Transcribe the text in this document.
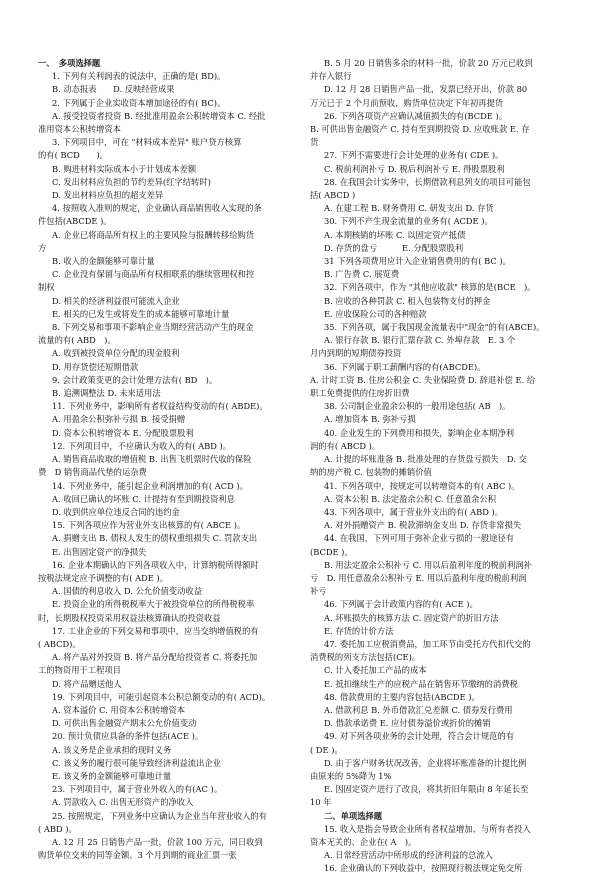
一、　多项选择题
1. 下列有关利润表的说法中，正确的是( BD)。
B. 动态报表　　D. 反映经营成果
2. 下列属于企业实收资本增加途径的有( BC)。
A. 接受投资者投资 B. 经批准用盈余公积转增资本 C. 经批
准用资本公积转增资本
3. 下列项目中，可在 "材料成本差异" 账户贷方核算
的有( BCD　　)。
B. 购进材料实际成本小于计划成本差额
C. 发出材料应负担的节约差异(红字结转时)
D. 发出材料应负担的超支差异
4. 按照收入准则的规定，企业确认商品销售收入实现的条
件包括(ABCDE )。
A. 企业已将商品所有权上的主要风险与报酬转移给购货
方
B. 收入的金额能够可靠计量
C. 企业没有保留与商品所有权相联系的继续管理权和控
制权
D. 相关的经济利益很可能流入企业
E. 相关的已发生或将发生的成本能够可靠地计量
8. 下列交易和事项不影响企业当期经营活动产生的现金
流量的有( ABD　)。
A. 收到被投资单位分配的现金股利
D. 用存货偿还短期借款
9. 会计政策变更的会计处理方法有( BD　)。
B. 追溯调整法 D. 未来适用法
11. 下列业务中，影响所有者权益结构变动的有( ABDE)。
A. 用盈余公积弥补亏损 B. 接受捐赠
D. 资本公积转增资本 E. 分配股票股利
12. 下列项目中，不应确认为收入的有( ABD )。
A. 销售商品收取的增值税 B. 出售飞机票时代收的保险
费　D 销售商品代垫的运杂费
14. 下列业务中，能引起企业利润增加的有( ACD )。
A. 收回已确认的坏账 C. 计提持有至到期投资利息
D. 收到供应单位违反合同的违约金
15. 下列各项应作为营业外支出核算的有( ABCE )。
A. 捐赠支出 B. 债权人发生的债权重组损失 C. 罚款支出
E. 出售固定资产的净损失
16. 企业本期确认的下列各项收入中，计算纳税所得额时
按税法规定应予调整的有( ADE )。
A. 国债的利息收入 D. 公允价值变动收益
E. 投资企业的所得税税率大于被投资单位的所得税税率
时，长期股权投资采用权益法核算确认的投资收益
17. 工业企业的下列交易和事项中，应当交纳增值税的有
( ABCD)。
A. 将产品对外投资 B. 将产品分配给投资者 C. 将委托加
工的物资用于工程项目
D. 将产品赠送他人
19. 下列项目中，可能引起资本公积总额变动的有( ACD)。
A. 资本溢价 C. 用资本公积转增资本
D. 可供出售金融资产期末公允价值变动
20. 预计负债应具备的条件包括(ACE )。
A. 该义务是企业承担的现时义务
C. 该义务的履行很可能导致经济利益流出企业
E. 该义务的金额能够可靠地计量
23. 下列项目中，属于营业外收入的有(AC )。
A. 罚款收入 C. 出售无形资产的净收入
25. 按照规定，下列业务中应确认为企业当年营业收入的有
( ABD )。
A. 12 月 25 日销售产品一批，价款 100 万元，同日收到
购货单位交来的同等金额、3 个月到期的商业汇票一张
B. 5 月 20 日销售多余的材料一批，价款 20 万元已收到
并存入银行
D. 12 月 28 日销售产品一批，发票已经开出，价款 80
万元已于 2 个月前预收，购货单位决定下年初再提货
26. 下列各项资产应确认减值损失的有(BCDE )。
B. 可供出售金融资产 C. 持有至到期投资 D. 应收账款 E. 存
货
27. 下列不需要进行会计处理的业务有( CDE )。
C. 税前利润补亏 D. 税后利润补亏 E. 得股票股利
28. 在我国会计实务中，长期借款利息列支的项目可能包
括( ABCD )
A. 在建工程 B. 财务费用 C. 研发支出 D. 存货
30. 下列不产生现金流量的业务有( ACDE )。
A. 本期核销的坏账 C. 以固定资产抵债
D. 存货的盘亏　　　E. 分配股票股利
31 下列各项费用应计入企业销售费用的有( BC )。
B. 广告费 C. 展览费
32. 下列各项中，作为 "其他应收款" 核算的是(BCE　)。
B. 应收的各种罚款 C. 租入包装物支付的押金
E. 应收保险公司的各种赔款
35. 下列各项，属于我国现金流量表中"现金"的有(ABCE)。
A. 银行存款 B. 银行汇票存款 C. 外埠存款　E. 3 个
月内到期的短期债券投资
36. 下列属于职工薪酬内容的有(ABCDE)。
A. 计时工资 B. 住房公积金 C. 失业保险费 D. 辞退补偿 E. 给
职工免费提供的住房折旧费
38. 公司制企业盈余公积的一般用途包括( AB　)。
A. 增加资本 B. 弥补亏损
40. 企业发生的下列费用和损失，影响企业本期净利
润的有( ABCD )。
A. 计提的坏账准备 B. 批准处理的存货盘亏损失　D. 交
纳的房产税 C. 包装物的摊销价值
41. 下列各项中，按规定可以转增资本的有( ABC )。
A. 资本公积 B. 法定盈余公积 C. 任意盈余公积
43. 下列各项中，属于营业外支出的有( ABD )。
A. 对外捐赠资产 B. 税款滞纳金支出 D. 存货非常损失
44. 在我国，下列可用于弥补企业亏损的一般途径有
(BCDE )。
B. 用法定盈余公积补亏 C. 用以后盈利年度的税前利润补
亏　D. 用任意盈余公积补亏 E. 用以后盈利年度的税前利润
补亏
46. 下列属于会计政策内容的有( ACE )。
A. 坏账损失的核算方法 C. 固定资产的折旧方法
E. 存货的计价方法
47. 委托加工应税消费品，加工环节由受托方代扣代交的
消费税的列支方法包括(CE)。
C. 计入委托加工产品的成本
E. 抵扣继续生产的应税产品在销售环节缴纳的消费税
48. 借款费用的主要内容包括(ABCDE )。
A. 借款利息 B. 外币借款汇兑差额 C. 债券发行费用
D. 借款承诺费 E. 应付债券溢价或折价的摊销
49. 对下列各项业务的会计处理，符合会计规范的有
( DE )。
D. 由于客户财务状况改善，企业将坏账准备的计提比例
由原来的 5%降为 1%
E. 因固定资产进行了改良，将其折旧年限由 8 年延长至
10 年
二、单项选择题
15. 收入是指会导致企业所有者权益增加、与所有者投入
资本无关的、企业在( A　)。
A. 日常经营活动中所形成的经济利益的总流入
16. 企业确认的下列收益中，按照现行税法规定免交所
